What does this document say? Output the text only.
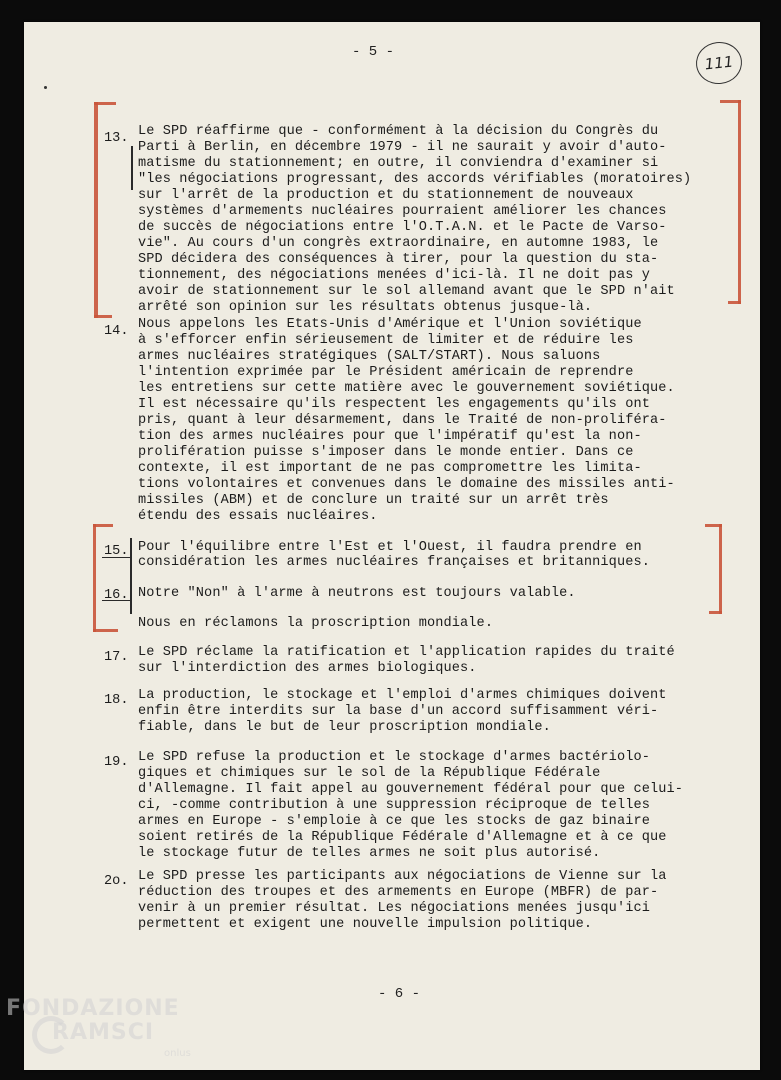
- 5 -
111
13. Le SPD réaffirme que - conformément à la décision du Congrès du
Parti à Berlin, en décembre 1979 - il ne saurait y avoir d'auto-
matisme du stationnement; en outre, il conviendra d'examiner si
"les négociations progressant, des accords vérifiables (moratoires)
sur l'arrêt de la production et du stationnement de nouveaux
systèmes d'armements nucléaires pourraient améliorer les chances
de succès de négociations entre l'O.T.A.N. et le Pacte de Varso-
vie". Au cours d'un congrès extraordinaire, en automne 1983, le
SPD décidera des conséquences à tirer, pour la question du sta-
tionnement, des négociations menées d'ici-là. Il ne doit pas y
avoir de stationnement sur le sol allemand avant que le SPD n'ait
arrêté son opinion sur les résultats obtenus jusque-là.
14. Nous appelons les Etats-Unis d'Amérique et l'Union soviétique
à s'efforcer enfin sérieusement de limiter et de réduire les
armes nucléaires stratégiques (SALT/START). Nous saluons
l'intention exprimée par le Président américain de reprendre
les entretiens sur cette matière avec le gouvernement soviétique.
Il est nécessaire qu'ils respectent les engagements qu'ils ont
pris, quant à leur désarmement, dans le Traité de non-proliféra-
tion des armes nucléaires pour que l'impératif qu'est la non-
prolifération puisse s'imposer dans le monde entier. Dans ce
contexte, il est important de ne pas compromettre les limita-
tions volontaires et convenues dans le domaine des missiles anti-
missiles (ABM) et de conclure un traité sur un arrêt très
étendu des essais nucléaires.
15. Pour l'équilibre entre l'Est et l'Ouest, il faudra prendre en
considération les armes nucléaires françaises et britanniques.
16. Notre "Non" à l'arme à neutrons est toujours valable.
Nous en réclamons la proscription mondiale.
17. Le SPD réclame la ratification et l'application rapides du traité
sur l'interdiction des armes biologiques.
18. La production, le stockage et l'emploi d'armes chimiques doivent
enfin être interdits sur la base d'un accord suffisamment véri-
fiable, dans le but de leur proscription mondiale.
19. Le SPD refuse la production et le stockage d'armes bactériolo-
giques et chimiques sur le sol de la République Fédérale
d'Allemagne. Il fait appel au gouvernement fédéral pour que celui-
ci, -comme contribution à une suppression réciproque de telles
armes en Europe - s'emploie à ce que les stocks de gaz binaire
soient retirés de la République Fédérale d'Allemagne et à ce que
le stockage futur de telles armes ne soit plus autorisé.
2o. Le SPD presse les participants aux négociations de Vienne sur la
réduction des troupes et des armements en Europe (MBFR) de par-
venir à un premier résultat. Les négociations menées jusqu'ici
permettent et exigent une nouvelle impulsion politique.
- 6 -
FONDAZIONE
RAMSCI
onlus
